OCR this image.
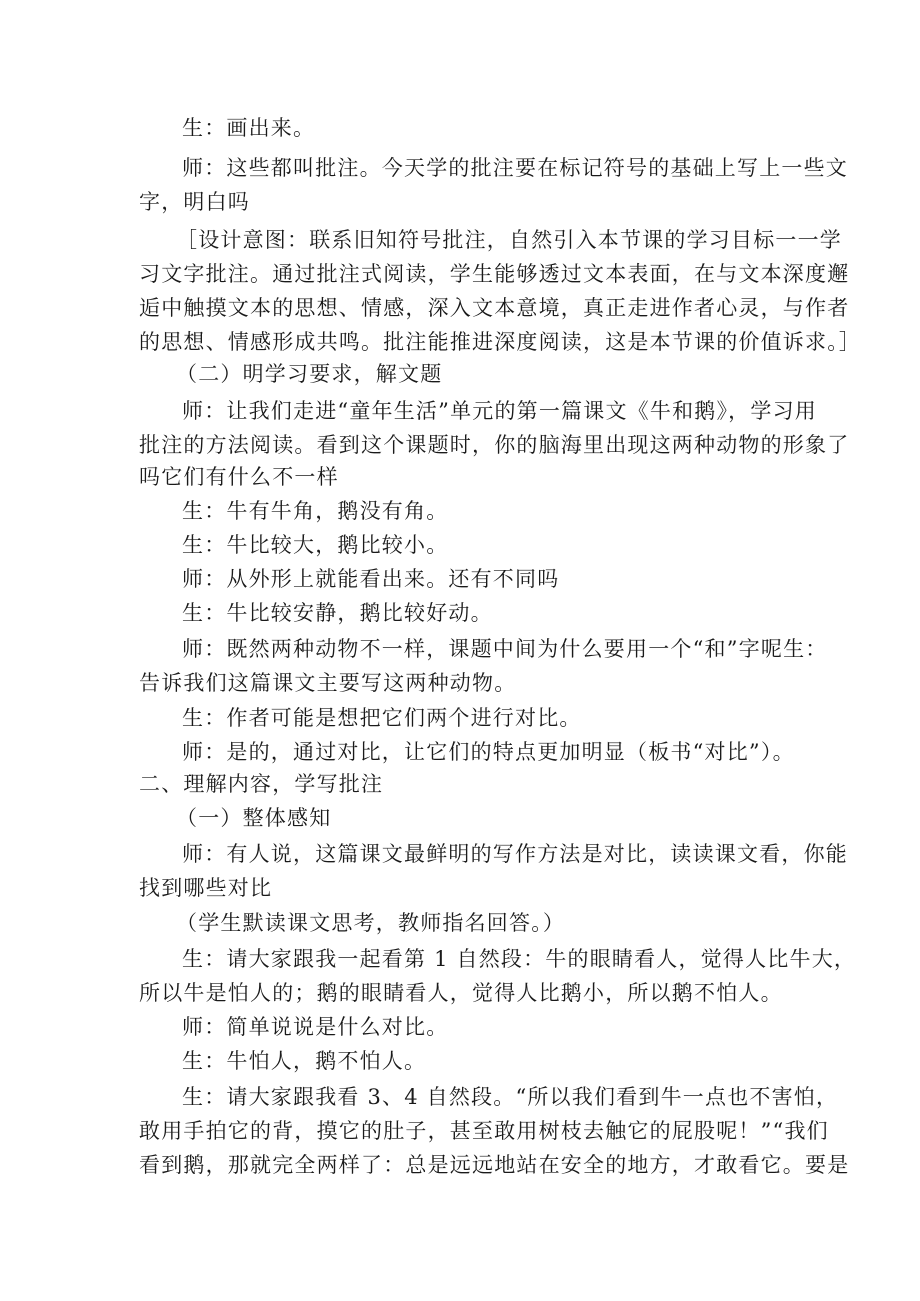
生：画出来。
师：这些都叫批注。今天学的批注要在标记符号的基础上写上一些文
字，明白吗
［设计意图：联系旧知符号批注，自然引入本节课的学习目标一一学
习文字批注。通过批注式阅读，学生能够透过文本表面，在与文本深度邂
逅中触摸文本的思想、情感，深入文本意境，真正走进作者心灵，与作者
的思想、情感形成共鸣。批注能推进深度阅读，这是本节课的价值诉求。］
（二）明学习要求，解文题
师：让我们走进“童年生活”单元的第一篇课文《牛和鹅》，学习用
批注的方法阅读。看到这个课题时，你的脑海里出现这两种动物的形象了
吗它们有什么不一样
生：牛有牛角，鹅没有角。
生：牛比较大，鹅比较小。
师：从外形上就能看出来。还有不同吗
生：牛比较安静，鹅比较好动。
师：既然两种动物不一样，课题中间为什么要用一个“和”字呢生：
告诉我们这篇课文主要写这两种动物。
生：作者可能是想把它们两个进行对比。
师：是的，通过对比，让它们的特点更加明显（板书“对比”）。
二、理解内容，学写批注
（一）整体感知
师：有人说，这篇课文最鲜明的写作方法是对比，读读课文看，你能
找到哪些对比
（学生默读课文思考，教师指名回答。）
生：请大家跟我一起看第 1 自然段：牛的眼睛看人，觉得人比牛大，
所以牛是怕人的；鹅的眼睛看人，觉得人比鹅小，所以鹅不怕人。
师：简单说说是什么对比。
生：牛怕人，鹅不怕人。
生：请大家跟我看 3、4 自然段。“所以我们看到牛一点也不害怕，
敢用手拍它的背，摸它的肚子，甚至敢用树枝去触它的屁股呢！”“我们
看到鹅，那就完全两样了：总是远远地站在安全的地方，才敢看它。要是
